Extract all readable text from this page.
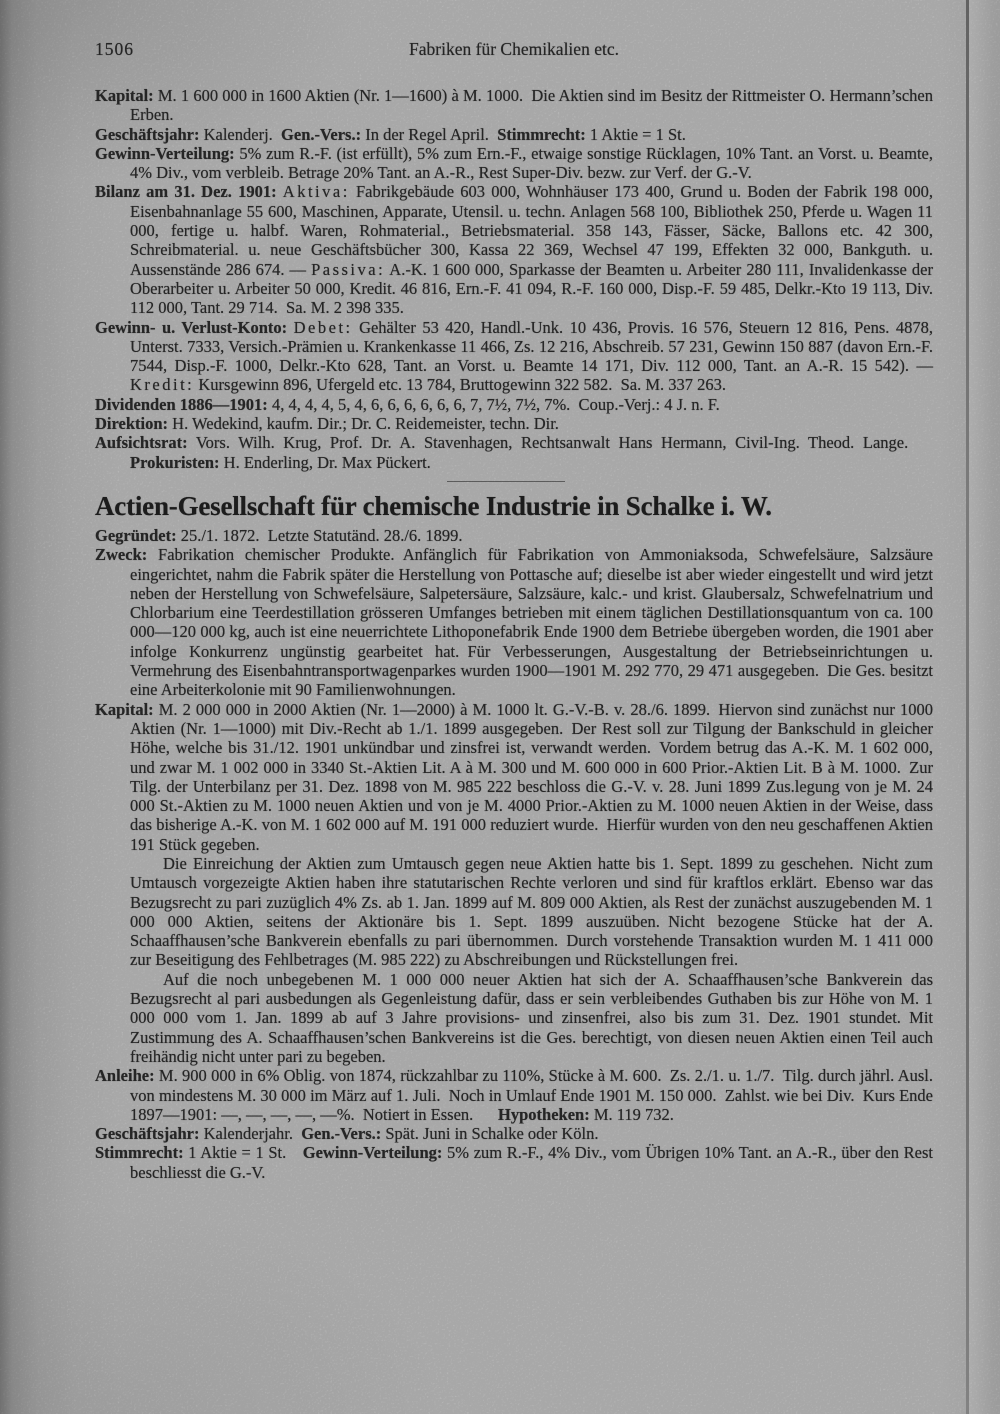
1506	Fabriken für Chemikalien etc.

Kapital: M. 1 600 000 in 1600 Aktien (Nr. 1—1600) à M. 1000. Die Aktien sind im Besitz der Rittmeister O. Hermann’schen Erben.

Geschäftsjahr: Kalenderj. Gen.-Vers.: In der Regel April. Stimmrecht: 1 Aktie = 1 St.

Gewinn-Verteilung: 5% zum R.-F. (ist erfüllt), 5% zum Ern.-F., etwaige sonstige Rücklagen, 10% Tant. an Vorst. u. Beamte, 4% Div., vom verbleib. Betrage 20% Tant. an A.-R., Rest Super-Div. bezw. zur Verf. der G.-V.

Bilanz am 31. Dez. 1901: Aktiva: Fabrikgebäude 603 000, Wohnhäuser 173 400, Grund u. Boden der Fabrik 198 000, Eisenbahnanlage 55 600, Maschinen, Apparate, Utensil. u. techn. Anlagen 568 100, Bibliothek 250, Pferde u. Wagen 11 000, fertige u. halbf. Waren, Rohmaterial., Betriebsmaterial. 358 143, Fässer, Säcke, Ballons etc. 42 300, Schreibmaterial. u. neue Geschäftsbücher 300, Kassa 22 369, Wechsel 47 199, Effekten 32 000, Bankguth. u. Aussenstände 286 674. — Passiva: A.-K. 1 600 000, Sparkasse der Beamten u. Arbeiter 280 111, Invalidenkasse der Oberarbeiter u. Arbeiter 50 000, Kredit. 46 816, Ern.-F. 41 094, R.-F. 160 000, Disp.-F. 59 485, Delkr.-Kto 19 113, Div. 112 000, Tant. 29 714. Sa. M. 2 398 335.

Gewinn- u. Verlust-Konto: Debet: Gehälter 53 420, Handl.-Unk. 10 436, Provis. 16 576, Steuern 12 816, Pens. 4878, Unterst. 7333, Versich.-Prämien u. Krankenkasse 11 466, Zs. 12 216, Abschreib. 57 231, Gewinn 150 887 (davon Ern.-F. 7544, Disp.-F. 1000, Delkr.-Kto 628, Tant. an Vorst. u. Beamte 14 171, Div. 112 000, Tant. an A.-R. 15 542). — Kredit: Kursgewinn 896, Ufergeld etc. 13 784, Bruttogewinn 322 582. Sa. M. 337 263.

Dividenden 1886—1901: 4, 4, 4, 4, 5, 4, 6, 6, 6, 6, 6, 6, 7, 7½, 7½, 7%. Coup.-Verj.: 4 J. n. F.

Direktion: H. Wedekind, kaufm. Dir.; Dr. C. Reidemeister, techn. Dir.

Aufsichtsrat: Vors. Wilh. Krug, Prof. Dr. A. Stavenhagen, Rechtsanwalt Hans Hermann, Civil-Ing. Theod. Lange.  Prokuristen: H. Enderling, Dr. Max Pückert.

Actien-Gesellschaft für chemische Industrie in Schalke i. W.

Gegründet: 25./1. 1872. Letzte Statutänd. 28./6. 1899.

Zweck: Fabrikation chemischer Produkte. Anfänglich für Fabrikation von Ammoniaksoda, Schwefelsäure, Salzsäure eingerichtet, nahm die Fabrik später die Herstellung von Pottasche auf; dieselbe ist aber wieder eingestellt und wird jetzt neben der Herstellung von Schwefelsäure, Salpetersäure, Salzsäure, kalc.- und krist. Glaubersalz, Schwefelnatrium und Chlorbarium eine Teerdestillation grösseren Umfanges betrieben mit einem täglichen Destillationsquantum von ca. 100 000—120 000 kg, auch ist eine neuerrichtete Lithoponefabrik Ende 1900 dem Betriebe übergeben worden, die 1901 aber infolge Konkurrenz ungünstig gearbeitet hat. Für Verbesserungen, Ausgestaltung der Betriebseinrichtungen u. Vermehrung des Eisenbahntransportwagenparkes wurden 1900—1901 M. 292 770, 29 471 ausgegeben. Die Ges. besitzt eine Arbeiterkolonie mit 90 Familienwohnungen.

Kapital: M. 2 000 000 in 2000 Aktien (Nr. 1—2000) à M. 1000 lt. G.-V.-B. v. 28./6. 1899. Hiervon sind zunächst nur 1000 Aktien (Nr. 1—1000) mit Div.-Recht ab 1./1. 1899 ausgegeben. Der Rest soll zur Tilgung der Bankschuld in gleicher Höhe, welche bis 31./12. 1901 unkündbar und zinsfrei ist, verwandt werden. Vordem betrug das A.-K. M. 1 602 000, und zwar M. 1 002 000 in 3340 St.-Aktien Lit. A à M. 300 und M. 600 000 in 600 Prior.-Aktien Lit. B à M. 1000. Zur Tilg. der Unterbilanz per 31. Dez. 1898 von M. 985 222 beschloss die G.-V. v. 28. Juni 1899 Zus.legung von je M. 24 000 St.-Aktien zu M. 1000 neuen Aktien und von je M. 4000 Prior.-Aktien zu M. 1000 neuen Aktien in der Weise, dass das bisherige A.-K. von M. 1 602 000 auf M. 191 000 reduziert wurde. Hierfür wurden von den neu geschaffenen Aktien 191 Stück gegeben.

Die Einreichung der Aktien zum Umtausch gegen neue Aktien hatte bis 1. Sept. 1899 zu geschehen. Nicht zum Umtausch vorgezeigte Aktien haben ihre statutarischen Rechte verloren und sind für kraftlos erklärt. Ebenso war das Bezugsrecht zu pari zuzüglich 4% Zs. ab 1. Jan. 1899 auf M. 809 000 Aktien, als Rest der zunächst auszugebenden M. 1 000 000 Aktien, seitens der Aktionäre bis 1. Sept. 1899 auszuüben. Nicht bezogene Stücke hat der A. Schaaffhausen’sche Bankverein ebenfalls zu pari übernommen. Durch vorstehende Transaktion wurden M. 1 411 000 zur Beseitigung des Fehlbetrages (M. 985 222) zu Abschreibungen und Rückstellungen frei.

Auf die noch unbegebenen M. 1 000 000 neuer Aktien hat sich der A. Schaaffhausen’sche Bankverein das Bezugsrecht al pari ausbedungen als Gegenleistung dafür, dass er sein verbleibendes Guthaben bis zur Höhe von M. 1 000 000 vom 1. Jan. 1899 ab auf 3 Jahre provisions- und zinsenfrei, also bis zum 31. Dez. 1901 stundet. Mit Zustimmung des A. Schaaffhausen’schen Bankvereins ist die Ges. berechtigt, von diesen neuen Aktien einen Teil auch freihändig nicht unter pari zu begeben.

Anleihe: M. 900 000 in 6% Oblig. von 1874, rückzahlbar zu 110%, Stücke à M. 600. Zs. 2./1. u. 1./7. Tilg. durch jährl. Ausl. von mindestens M. 30 000 im März auf 1. Juli. Noch in Umlauf Ende 1901 M. 150 000. Zahlst. wie bei Div. Kurs Ende 1897—1901: —, —, —, —, —%. Notiert in Essen.  Hypotheken: M. 119 732.

Geschäftsjahr: Kalenderjahr. Gen.-Vers.: Spät. Juni in Schalke oder Köln.

Stimmrecht: 1 Aktie = 1 St. Gewinn-Verteilung: 5% zum R.-F., 4% Div., vom Übrigen 10% Tant. an A.-R., über den Rest beschliesst die G.-V.
